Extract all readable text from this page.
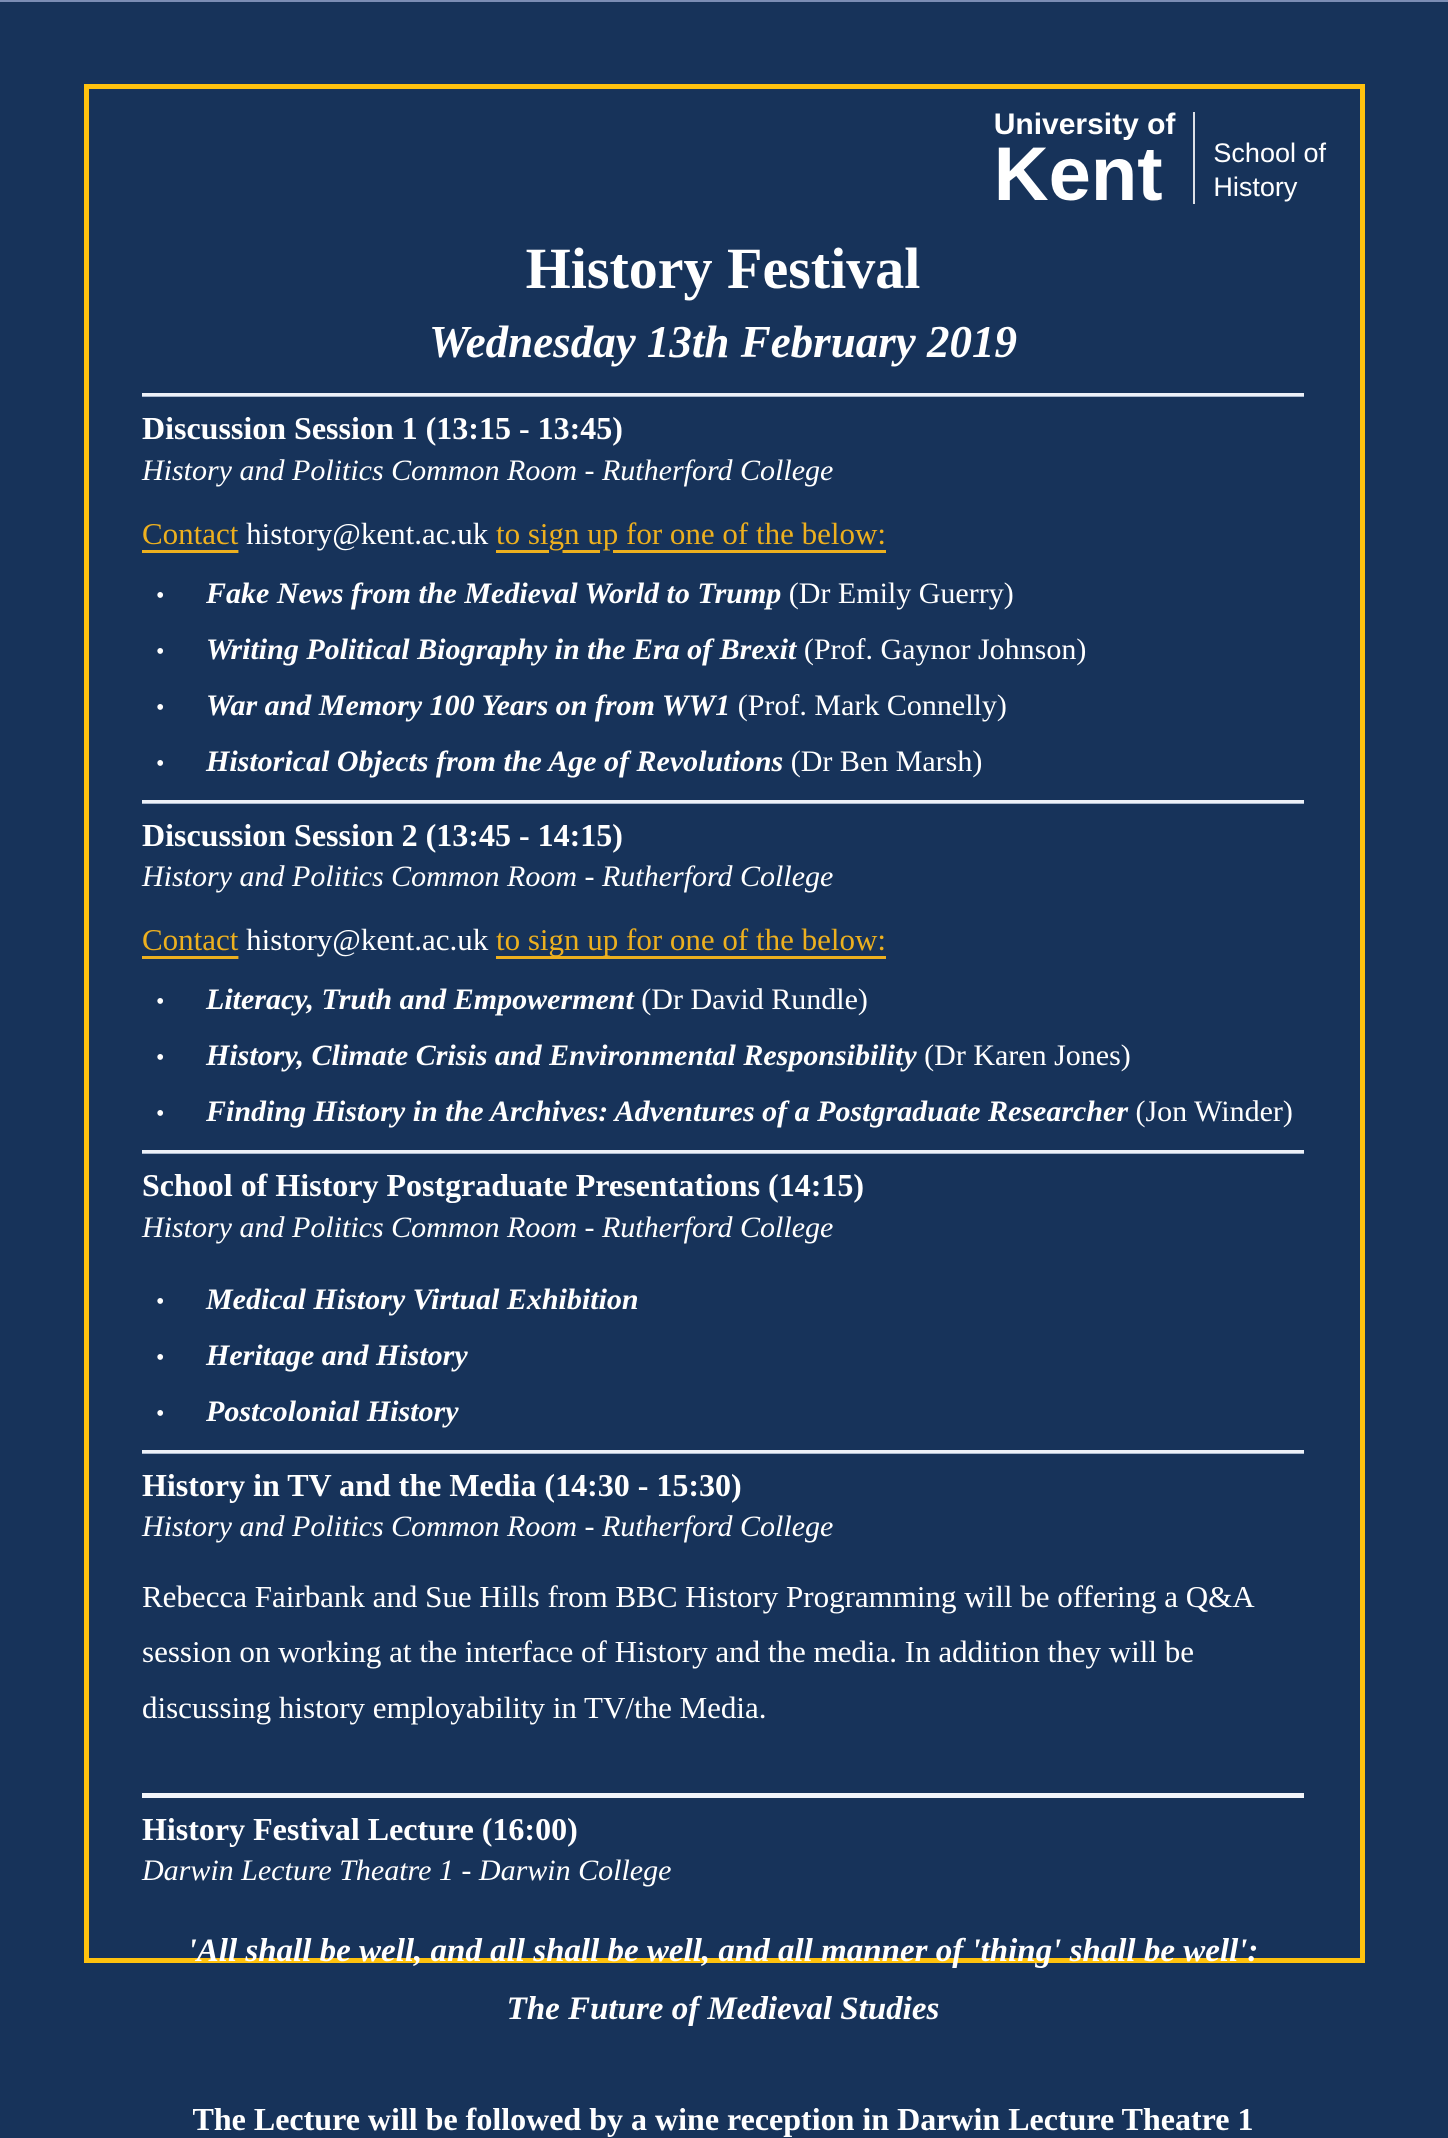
University of
Kent	School of
History
History Festival
Wednesday 13th February 2019
Discussion Session 1 (13:15 - 13:45)
History and Politics Common Room - Rutherford College
Contact history@kent.ac.uk to sign up for one of the below:
•	Fake News from the Medieval World to Trump (Dr Emily Guerry)
•	Writing Political Biography in the Era of Brexit (Prof. Gaynor Johnson)
•	War and Memory 100 Years on from WW1 (Prof. Mark Connelly)
•	Historical Objects from the Age of Revolutions (Dr Ben Marsh)
Discussion Session 2 (13:45 - 14:15)
History and Politics Common Room - Rutherford College
Contact history@kent.ac.uk to sign up for one of the below:
•	Literacy, Truth and Empowerment (Dr David Rundle)
•	History, Climate Crisis and Environmental Responsibility (Dr Karen Jones)
•	Finding History in the Archives: Adventures of a Postgraduate Researcher (Jon Winder)
School of History Postgraduate Presentations (14:15)
History and Politics Common Room - Rutherford College
•	Medical History Virtual Exhibition
•	Heritage and History
•	Postcolonial History
History in TV and the Media (14:30 - 15:30)
History and Politics Common Room - Rutherford College
Rebecca Fairbank and Sue Hills from BBC History Programming will be offering a Q&A session on working at the interface of History and the media. In addition they will be discussing history employability in TV/the Media.
History Festival Lecture (16:00)
Darwin Lecture Theatre 1 - Darwin College
'All shall be well, and all shall be well, and all manner of 'thing' shall be well':
The Future of Medieval Studies
The Lecture will be followed by a wine reception in Darwin Lecture Theatre 1
